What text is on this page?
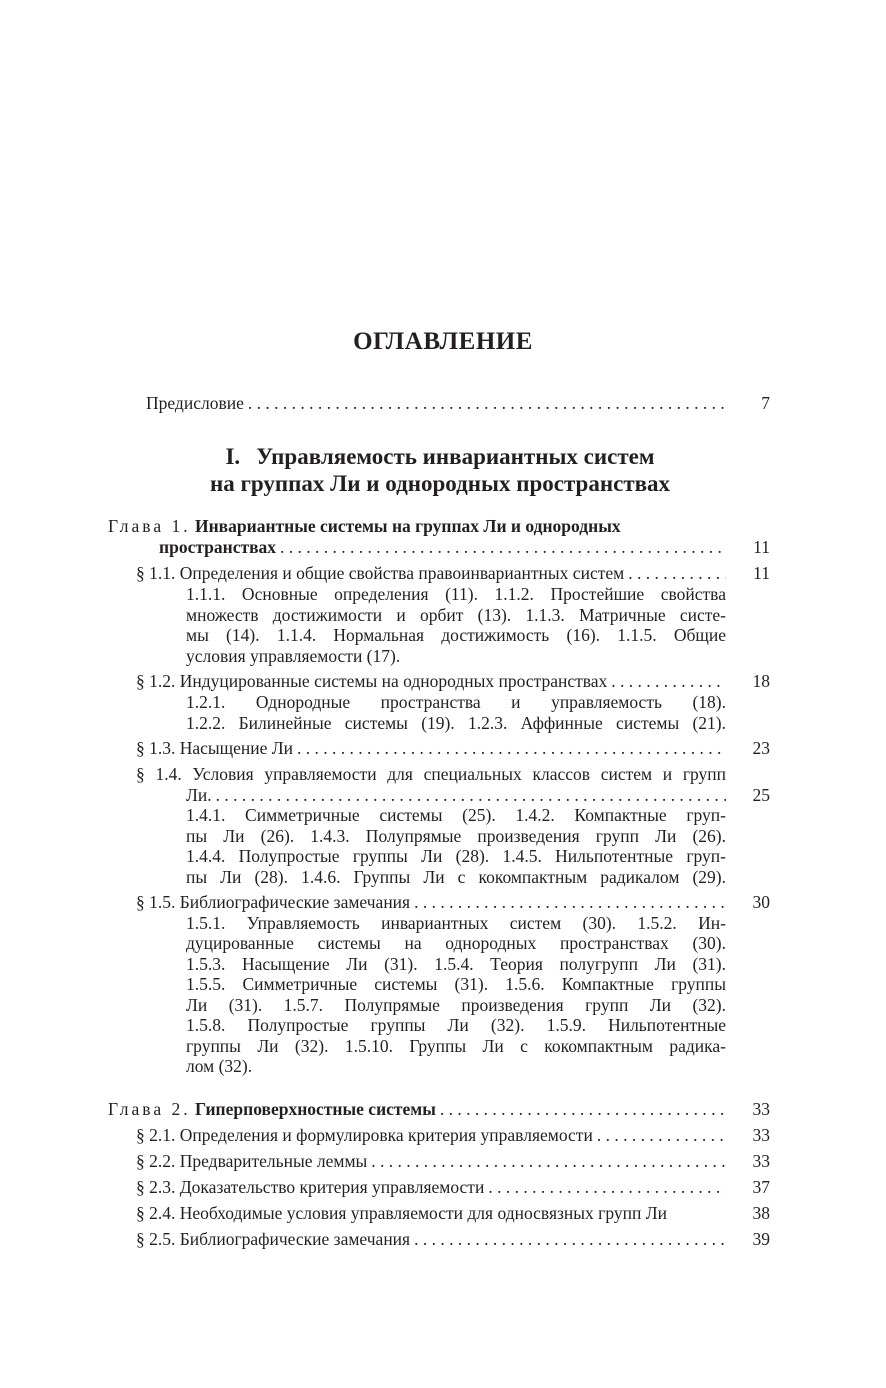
ОГЛАВЛЕНИЕ
Предисловие . . .	7
I. Управляемость инвариантных систем
на группах Ли и однородных пространствах
Глава 1. Инвариантные системы на группах Ли и однородных
пространствах . . .	11
§ 1.1.
Определения и общие свойства правоинвариантных систем . . .	11
1.1.1. Основные определения (11). 1.1.2. Простейшие свойства
множеств достижимости и орбит (13). 1.1.3. Матричные систе-
мы (14). 1.1.4. Нормальная достижимость (16). 1.1.5. Общие
условия управляемости (17).
§ 1.2.
Индуцированные системы на однородных пространствах . . .	18
1.2.1. Однородные пространства и управляемость (18).
1.2.2. Билинейные системы (19). 1.2.3. Аффинные системы (21).
§ 1.3.
Насыщение Ли . . .	23
§ 1.4. Условия управляемости для специальных классов систем и групп
Ли. . . .	25
1.4.1. Симметричные системы (25). 1.4.2. Компактные груп-
пы Ли (26). 1.4.3. Полупрямые произведения групп Ли (26).
1.4.4. Полупростые группы Ли (28). 1.4.5. Нильпотентные груп-
пы Ли (28). 1.4.6. Группы Ли с кокомпактным радикалом (29).
§ 1.5.
Библиографические замечания . . .	30
1.5.1. Управляемость инвариантных систем (30). 1.5.2. Ин-
дуцированные системы на однородных пространствах (30).
1.5.3. Насыщение Ли (31). 1.5.4. Теория полугрупп Ли (31).
1.5.5. Симметричные системы (31). 1.5.6. Компактные группы
Ли (31). 1.5.7. Полупрямые произведения групп Ли (32).
1.5.8. Полупростые группы Ли (32). 1.5.9. Нильпотентные
группы Ли (32). 1.5.10. Группы Ли с кокомпактным радика-
лом (32).
Глава 2.
Гиперповерхностные системы . . .	33
§ 2.1.
Определения и формулировка критерия управляемости . . .	33
§ 2.2.
Предварительные леммы . . .	33
§ 2.3.
Доказательство критерия управляемости . . .	37
§ 2.4. Необходимые условия управляемости для односвязных групп Ли	38
§ 2.5.
Библиографические замечания . . .	39
